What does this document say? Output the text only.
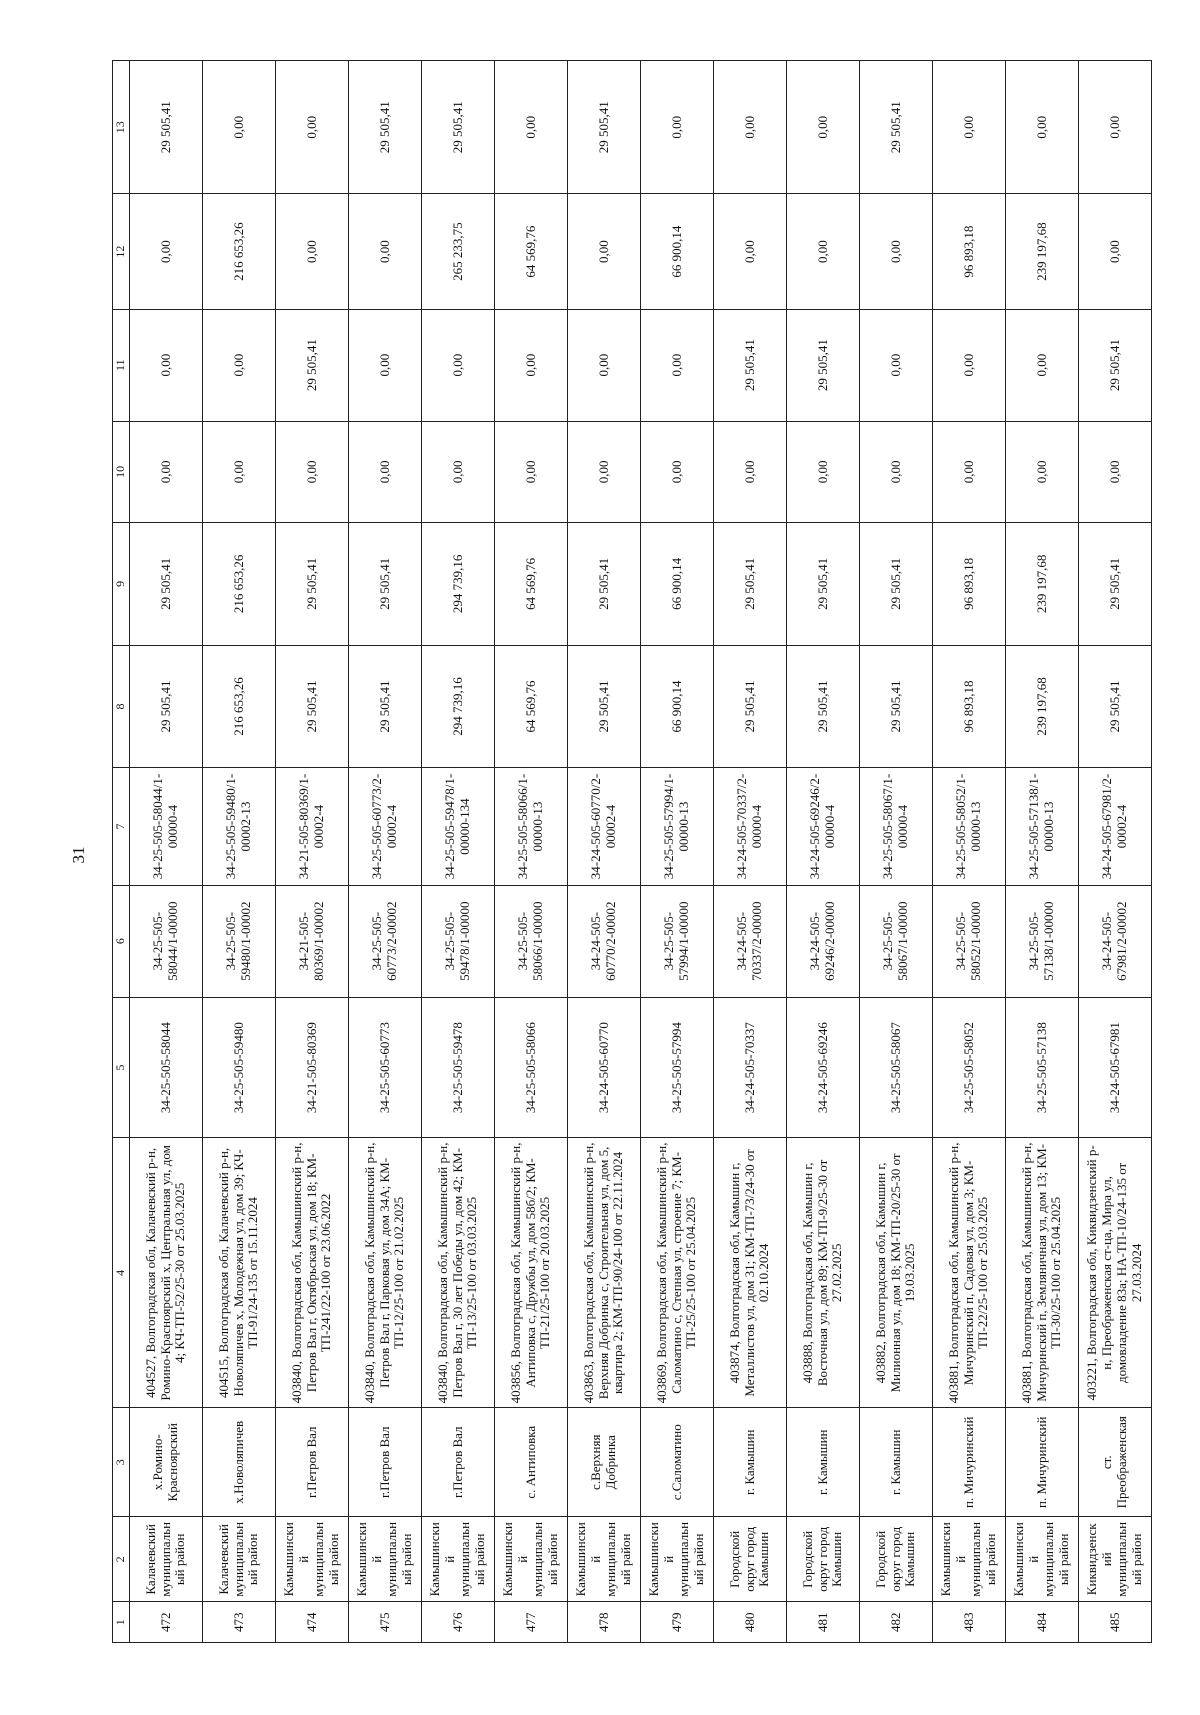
31
1	2	3	4	5	6	7	8	9	10	11	12	13
472	Калачевский муниципальный район	х.Ромино-Красноярский	404527, Волгоградская обл, Калачевский р-н, Ромино-Красноярский х, Центральная ул, дом 4; КЧ-ТП-52/25-30 от 25.03.2025	34-25-505-58044	34-25-505-58044/1-00000	34-25-505-58044/1-00000-4	29 505,41	29 505,41	0,00	0,00	0,00	29 505,41
473	Калачевский муниципальный район	х.Новоляпичев	404515, Волгоградская обл, Калачевский р-н, Новоляпичев х, Молодежная ул, дом 39; КЧ-ТП-91/24-135 от 15.11.2024	34-25-505-59480	34-25-505-59480/1-00002	34-25-505-59480/1-00002-13	216 653,26	216 653,26	0,00	0,00	216 653,26	0,00
474	Камышинский муниципальный район	г.Петров Вал	403840, Волгоградская обл, Камышинский р-н, Петров Вал г, Октябрьская ул, дом 18; КМ-ТП-241/22-100 от 23.06.2022	34-21-505-80369	34-21-505-80369/1-00002	34-21-505-80369/1-00002-4	29 505,41	29 505,41	0,00	29 505,41	0,00	0,00
475	Камышинский муниципальный район	г.Петров Вал	403840, Волгоградская обл, Камышинский р-н, Петров Вал г, Парковая ул, дом 34А; КМ-ТП-12/25-100 от 21.02.2025	34-25-505-60773	34-25-505-60773/2-00002	34-25-505-60773/2-00002-4	29 505,41	29 505,41	0,00	0,00	0,00	29 505,41
476	Камышинский муниципальный район	г.Петров Вал	403840, Волгоградская обл, Камышинский р-н, Петров Вал г, 30 лет Победы ул, дом 42; КМ-ТП-13/25-100 от 03.03.2025	34-25-505-59478	34-25-505-59478/1-00000	34-25-505-59478/1-00000-134	294 739,16	294 739,16	0,00	0,00	265 233,75	29 505,41
477	Камышинский муниципальный район	с. Антиповка	403856, Волгоградская обл, Камышинский р-н, Антиповка с, Дружбы ул, дом 58б/2; КМ-ТП-21/25-100 от 20.03.2025	34-25-505-58066	34-25-505-58066/1-00000	34-25-505-58066/1-00000-13	64 569,76	64 569,76	0,00	0,00	64 569,76	0,00
478	Камышинский муниципальный район	с.Верхняя Добринка	403863, Волгоградская обл, Камышинский р-н, Верхняя Добринка с, Строительная ул, дом 5, квартира 2; КМ-ТП-90/24-100 от 22.11.2024	34-24-505-60770	34-24-505-60770/2-00002	34-24-505-60770/2-00002-4	29 505,41	29 505,41	0,00	0,00	0,00	29 505,41
479	Камышинский муниципальный район	с.Саломатино	403869, Волгоградская обл, Камышинский р-н, Саломатино с, Степная ул, строение 7; КМ-ТП-25/25-100 от 25.04.2025	34-25-505-57994	34-25-505-57994/1-00000	34-25-505-57994/1-00000-13	66 900,14	66 900,14	0,00	0,00	66 900,14	0,00
480	Городской округ город Камышин	г. Камышин	403874, Волгоградская обл, Камышин г, Металлистов ул, дом 31; КМ-ТП-73/24-30 от 02.10.2024	34-24-505-70337	34-24-505-70337/2-00000	34-24-505-70337/2-00000-4	29 505,41	29 505,41	0,00	29 505,41	0,00	0,00
481	Городской округ город Камышин	г. Камышин	403888, Волгоградская обл, Камышин г, Восточная ул, дом 89; КМ-ТП-9/25-30 от 27.02.2025	34-24-505-69246	34-24-505-69246/2-00000	34-24-505-69246/2-00000-4	29 505,41	29 505,41	0,00	29 505,41	0,00	0,00
482	Городской округ город Камышин	г. Камышин	403882, Волгоградская обл, Камышин г, Милионная ул, дом 18; КМ-ТП-20/25-30 от 19.03.2025	34-25-505-58067	34-25-505-58067/1-00000	34-25-505-58067/1-00000-4	29 505,41	29 505,41	0,00	0,00	0,00	29 505,41
483	Камышинский муниципальный район	п. Мичуринский	403881, Волгоградская обл, Камышинский р-н, Мичуринский п, Садовая ул, дом 3; КМ-ТП-22/25-100 от 25.03.2025	34-25-505-58052	34-25-505-58052/1-00000	34-25-505-58052/1-00000-13	96 893,18	96 893,18	0,00	0,00	96 893,18	0,00
484	Камышинский муниципальный район	п. Мичуринский	403881, Волгоградская обл, Камышинский р-н, Мичуринский п, Земляничная ул, дом 13; КМ-ТП-30/25-100 от 25.04.2025	34-25-505-57138	34-25-505-57138/1-00000	34-25-505-57138/1-00000-13	239 197,68	239 197,68	0,00	0,00	239 197,68	0,00
485	Киквидзенский муниципальный район	ст. Преображенская	403221, Волгоградская обл, Киквидзенский р-н, Преображенская ст-ца, Мира ул, домовладение 83а; НА-ТП-10/24-135 от 27.03.2024	34-24-505-67981	34-24-505-67981/2-00002	34-24-505-67981/2-00002-4	29 505,41	29 505,41	0,00	29 505,41	0,00	0,00
